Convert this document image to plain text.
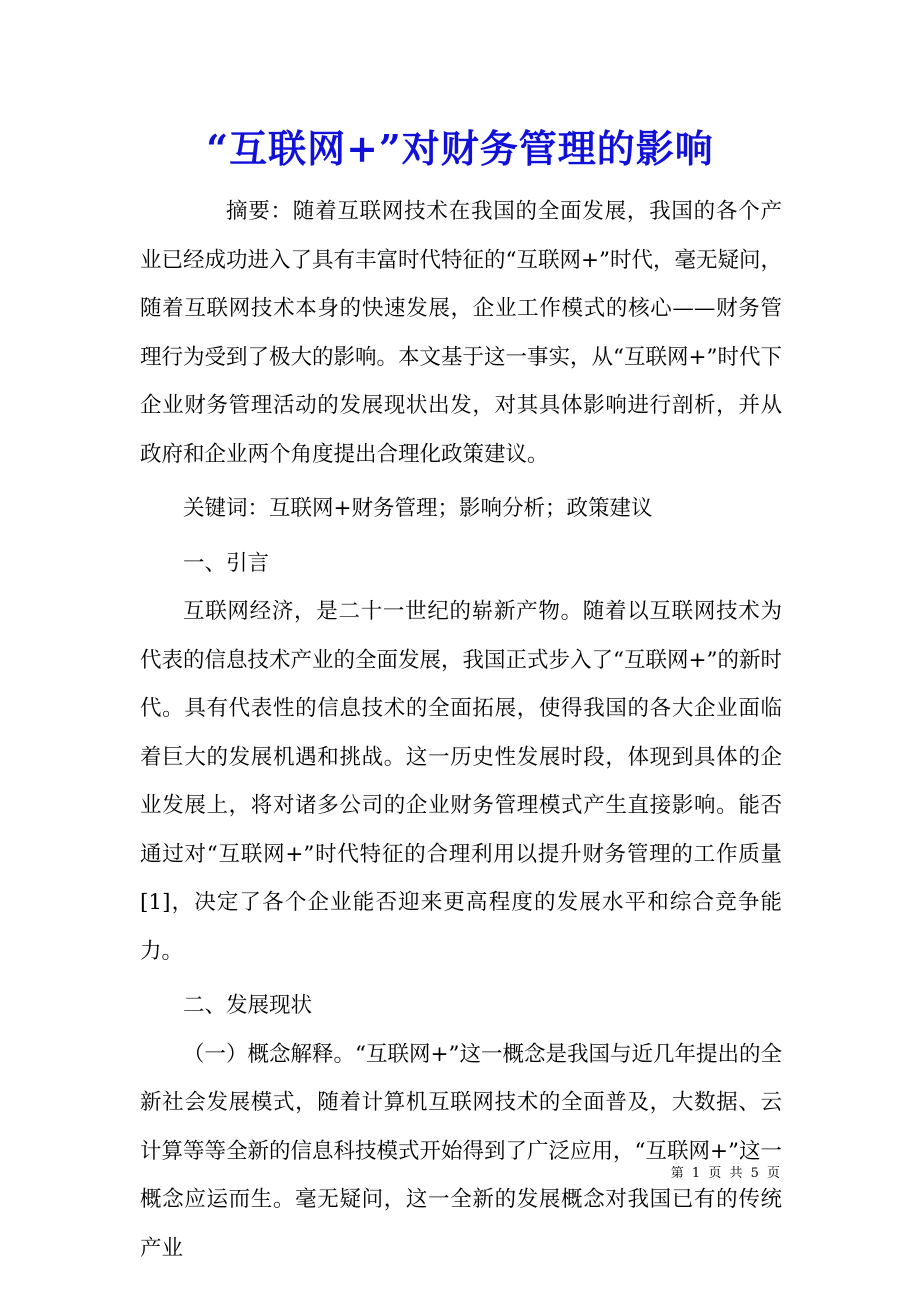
“互联网+”对财务管理的影响

摘要：随着互联网技术在我国的全面发展，我国的各个产业已经成功进入了具有丰富时代特征的“互联网+”时代，毫无疑问，随着互联网技术本身的快速发展，企业工作模式的核心——财务管理行为受到了极大的影响。本文基于这一事实，从“互联网+”时代下企业财务管理活动的发展现状出发，对其具体影响进行剖析，并从政府和企业两个角度提出合理化政策建议。

关键词：互联网+财务管理；影响分析；政策建议

一、引言

互联网经济，是二十一世纪的崭新产物。随着以互联网技术为代表的信息技术产业的全面发展，我国正式步入了“互联网+”的新时代。具有代表性的信息技术的全面拓展，使得我国的各大企业面临着巨大的发展机遇和挑战。这一历史性发展时段，体现到具体的企业发展上，将对诸多公司的企业财务管理模式产生直接影响。能否通过对“互联网+”时代特征的合理利用以提升财务管理的工作质量[1]，决定了各个企业能否迎来更高程度的发展水平和综合竞争能力。

二、发展现状

（一）概念解释。“互联网+”这一概念是我国与近几年提出的全新社会发展模式，随着计算机互联网技术的全面普及，大数据、云计算等等全新的信息科技模式开始得到了广泛应用，“互联网+”这一概念应运而生。毫无疑问，这一全新的发展概念对我国已有的传统产业

第 1 页 共 5 页
